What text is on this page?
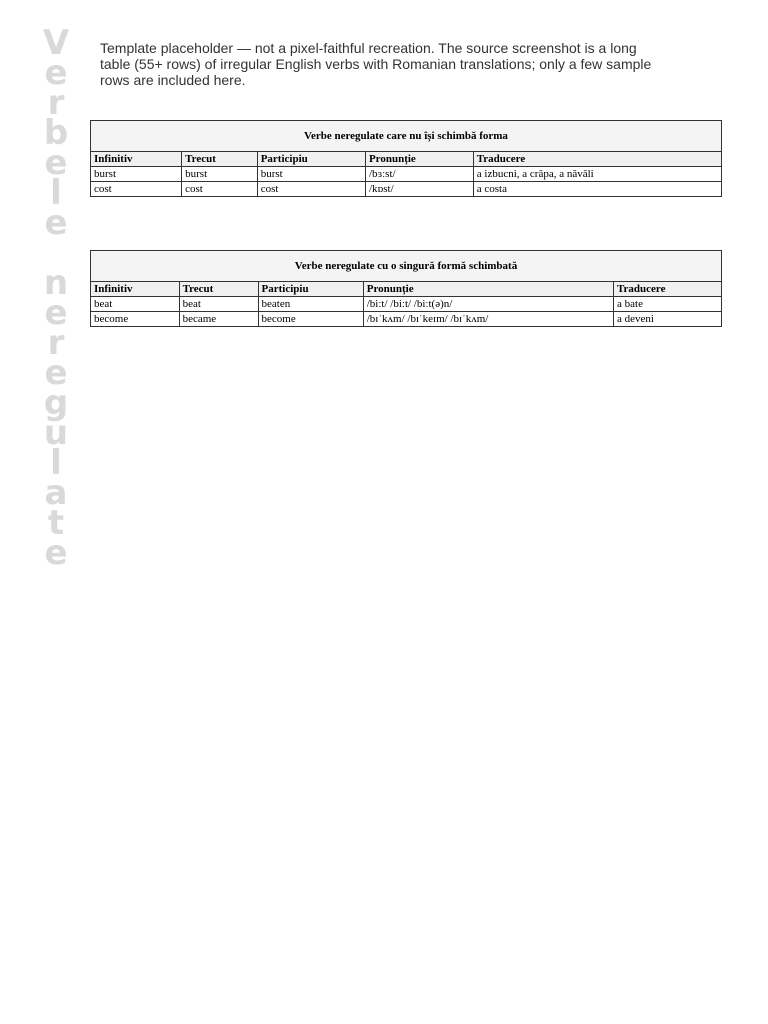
V
e
r
b
e
l
e
n
e
r
e
g
u
l
a
t
e
Template placeholder — not a pixel-faithful recreation. The source screenshot is a long table (55+ rows) of irregular English verbs with Romanian translations; only a few sample rows are included here.
Verbe neregulate care nu își schimbă forma				
Infinitiv	Trecut	Participiu	Pronunție	Traducere
burst	burst	burst	/bɜːst/	a izbucni, a crăpa, a năvăli
cost	cost	cost	/kɒst/	a costa
Verbe neregulate cu o singură formă schimbată				
Infinitiv	Trecut	Participiu	Pronunție	Traducere
beat	beat	beaten	/biːt/ /biːt/ /biːt(ə)n/	a bate
become	became	become	/bɪˈkʌm/ /bɪˈkeɪm/ /bɪˈkʌm/	a deveni
